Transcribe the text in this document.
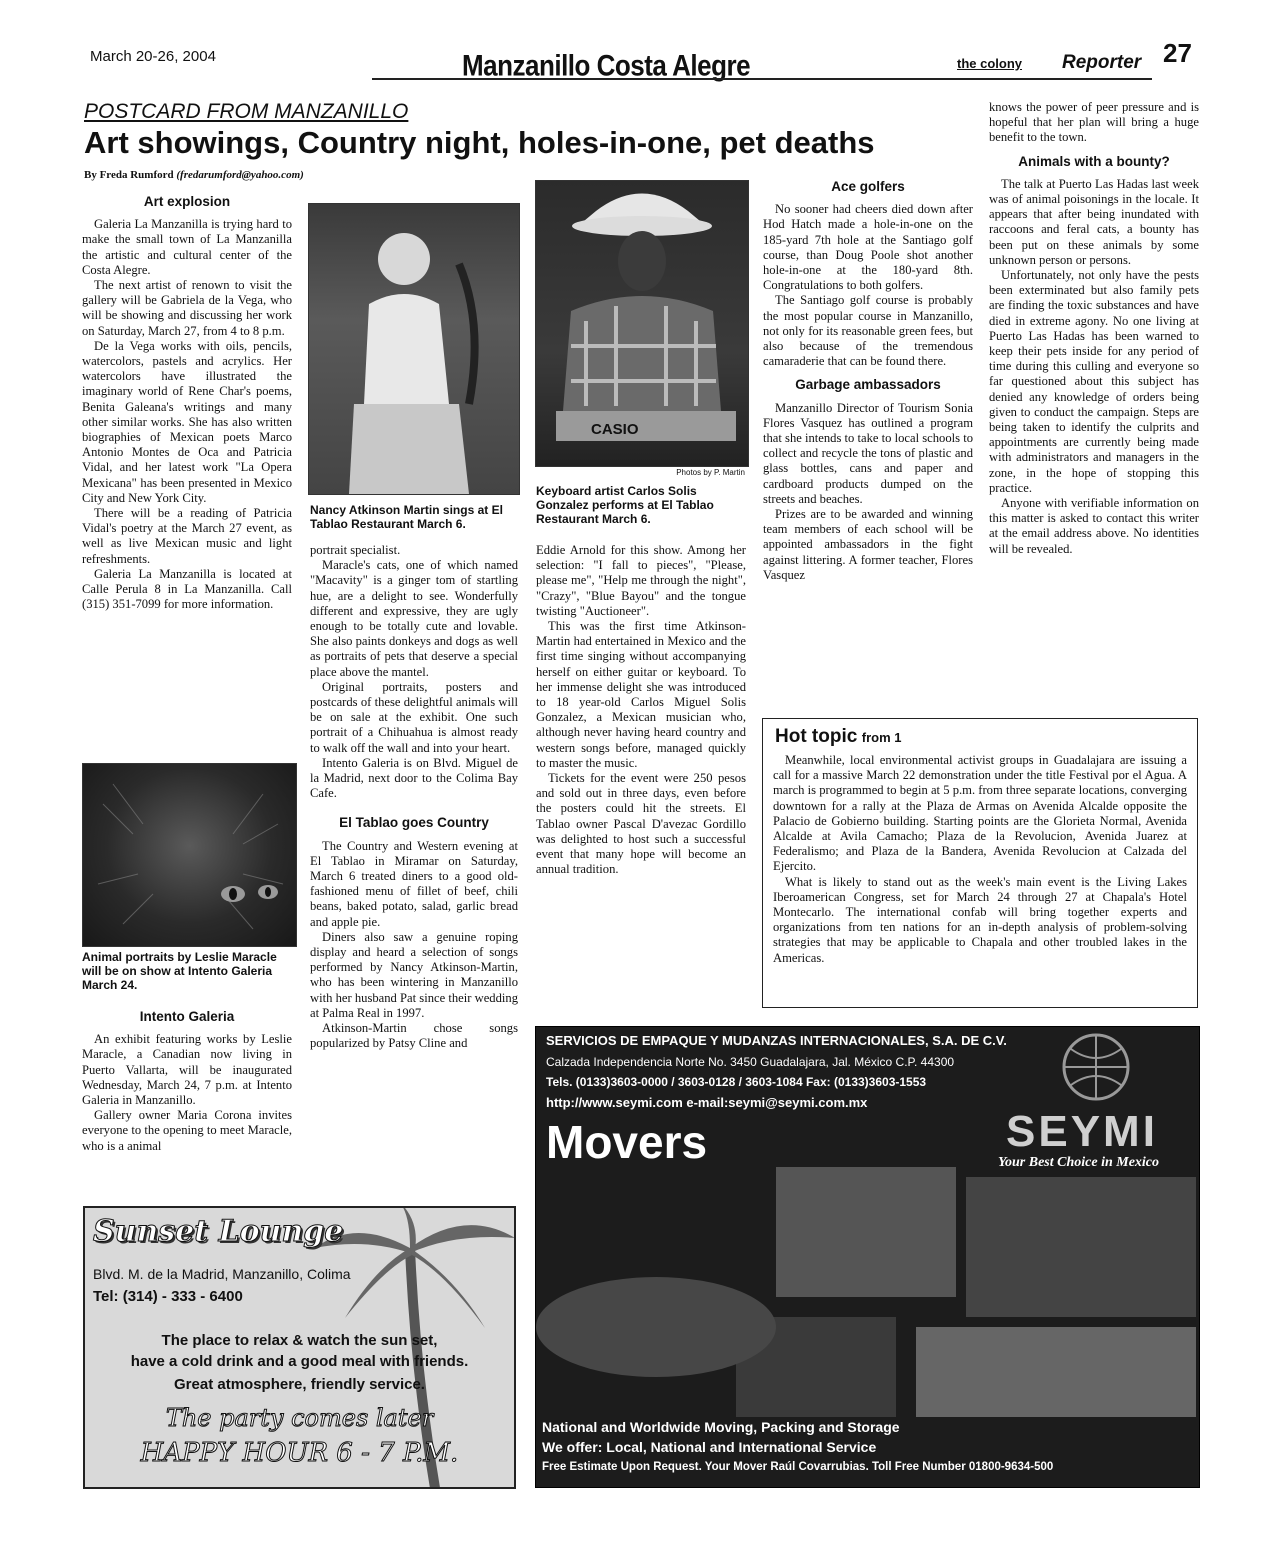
March 20-26, 2004	Manzanillo Costa Alegre	the colony Reporter 27
POSTCARD FROM MANZANILLO
Art showings, Country night, holes-in-one, pet deaths
By Freda Rumford (fredarumford@yahoo.com)
Art explosion

Galeria La Manzanilla is trying hard to make the small town of La Manzanilla the artistic and cultural center of the Costa Alegre.

The next artist of renown to visit the gallery will be Gabriela de la Vega, who will be showing and discussing her work on Saturday, March 27, from 4 to 8 p.m.

De la Vega works with oils, pencils, watercolors, pastels and acrylics. Her watercolors have illustrated the imaginary world of Rene Char's poems, Benita Galeana's writings and many other similar works. She has also written biographies of Mexican poets Marco Antonio Montes de Oca and Patricia Vidal, and her latest work "La Opera Mexicana" has been presented in Mexico City and New York City.

There will be a reading of Patricia Vidal's poetry at the March 27 event, as well as live Mexican music and light refreshments.

Galeria La Manzanilla is located at Calle Perula 8 in La Manzanilla. Call (315) 351-7099 for more information.

Animal portraits by Leslie Maracle will be on show at Intento Galeria March 24.
Intento Galeria

An exhibit featuring works by Leslie Maracle, a Canadian now living in Puerto Vallarta, will be inaugurated Wednesday, March 24, 7 p.m. at Intento Galeria in Manzanillo.

Gallery owner Maria Corona invites everyone to the opening to meet Maracle, who is a animal

Nancy Atkinson Martin sings at El Tablao Restaurant March 6.

portrait specialist.

Maracle's cats, one of which named "Macavity" is a ginger tom of startling hue, are a delight to see. Wonderfully different and expressive, they are ugly enough to be totally cute and lovable. She also paints donkeys and dogs as well as portraits of pets that deserve a special place above the mantel.

Original portraits, posters and postcards of these delightful animals will be on sale at the exhibit. One such portrait of a Chihuahua is almost ready to walk off the wall and into your heart.

Intento Galeria is on Blvd. Miguel de la Madrid, next door to the Colima Bay Cafe.

El Tablao goes Country

The Country and Western evening at El Tablao in Miramar on Saturday, March 6 treated diners to a good old-fashioned menu of fillet of beef, chili beans, baked potato, salad, garlic bread and apple pie.

Diners also saw a genuine roping display and heard a selection of songs performed by Nancy Atkinson-Martin, who has been wintering in Manzanillo with her husband Pat since their wedding at Palma Real in 1997.

Atkinson-Martin chose songs popularized by Patsy Cline and

CASIO
Photos by P. Martin
Keyboard artist Carlos Solis Gonzalez performs at El Tablao Restaurant March 6.

Eddie Arnold for this show. Among her selection: "I fall to pieces", "Please, please me", "Help me through the night", "Crazy", "Blue Bayou" and the tongue twisting "Auctioneer".

This was the first time Atkinson- Martin had entertained in Mexico and the first time singing without accompanying herself on either guitar or keyboard. To her immense delight she was introduced to 18 year-old Carlos Miguel Solis Gonzalez, a Mexican musician who, although never having heard country and western songs before, managed quickly to master the music.

Tickets for the event were 250 pesos and sold out in three days, even before the posters could hit the streets. El Tablao owner Pascal D'avezac Gordillo was delighted to host such a successful event that many hope will become an annual tradition.

Ace golfers

No sooner had cheers died down after Hod Hatch made a hole-in-one on the 185-yard 7th hole at the Santiago golf course, than Doug Poole shot another hole-in-one at the 180-yard 8th. Congratulations to both golfers.

The Santiago golf course is probably the most popular course in Manzanillo, not only for its reasonable green fees, but also because of the tremendous camaraderie that can be found there.

Garbage ambassadors

Manzanillo Director of Tourism Sonia Flores Vasquez has outlined a program that she intends to take to local schools to collect and recycle the tons of plastic and glass bottles, cans and paper and cardboard products dumped on the streets and beaches.

Prizes are to be awarded and winning team members of each school will be appointed ambassadors in the fight against littering. A former teacher, Flores Vasquez

knows the power of peer pressure and is hopeful that her plan will bring a huge benefit to the town.

Animals with a bounty?

The talk at Puerto Las Hadas last week was of animal poisonings in the locale. It appears that after being inundated with raccoons and feral cats, a bounty has been put on these animals by some unknown person or persons.

Unfortunately, not only have the pests been exterminated but also family pets are finding the toxic substances and have died in extreme agony. No one living at Puerto Las Hadas has been warned to keep their pets inside for any period of time during this culling and everyone so far questioned about this subject has denied any knowledge of orders being given to conduct the campaign. Steps are being taken to identify the culprits and appointments are currently being made with administrators and managers in the zone, in the hope of stopping this practice.

Anyone with verifiable information on this matter is asked to contact this writer at the email address above. No identities will be revealed.

Hot topic from 1

Meanwhile, local environmental activist groups in Guadalajara are issuing a call for a massive March 22 demonstration under the title Festival por el Agua. A march is programmed to begin at 5 p.m. from three separate locations, converging downtown for a rally at the Plaza de Armas on Avenida Alcalde opposite the Palacio de Gobierno building. Starting points are the Glorieta Normal, Avenida Alcalde at Avila Camacho; Plaza de la Revolucion, Avenida Juarez at Federalismo; and Plaza de la Bandera, Avenida Revolucion at Calzada del Ejercito.

What is likely to stand out as the week's main event is the Living Lakes Iberoamerican Congress, set for March 24 through 27 at Chapala's Hotel Montecarlo. The international confab will bring together experts and organizations from ten nations for an in-depth analysis of problem-solving strategies that may be applicable to Chapala and other troubled lakes in the Americas.

Sunset Lounge
Blvd. M. de la Madrid, Manzanillo, Colima
Tel: (314) - 333 - 6400
The place to relax & watch the sun set,
have a cold drink and a good meal with friends.
Great atmosphere, friendly service.
The party comes later
HAPPY HOUR 6 - 7 P.M.
SERVICIOS DE EMPAQUE Y MUDANZAS INTERNACIONALES, S.A. DE C.V.
Calzada Independencia Norte No. 3450 Guadalajara, Jal. México C.P. 44300
Tels. (0133)3603-0000 / 3603-0128 / 3603-1084 Fax: (0133)3603-1553
http://www.seymi.com e-mail:seymi@seymi.com.mx
Movers	SEYMI
Your Best Choice in Mexico
National and Worldwide Moving, Packing and Storage
We offer: Local, National and International Service
Free Estimate Upon Request. Your Mover Raúl Covarrubias. Toll Free Number 01800-9634-500
